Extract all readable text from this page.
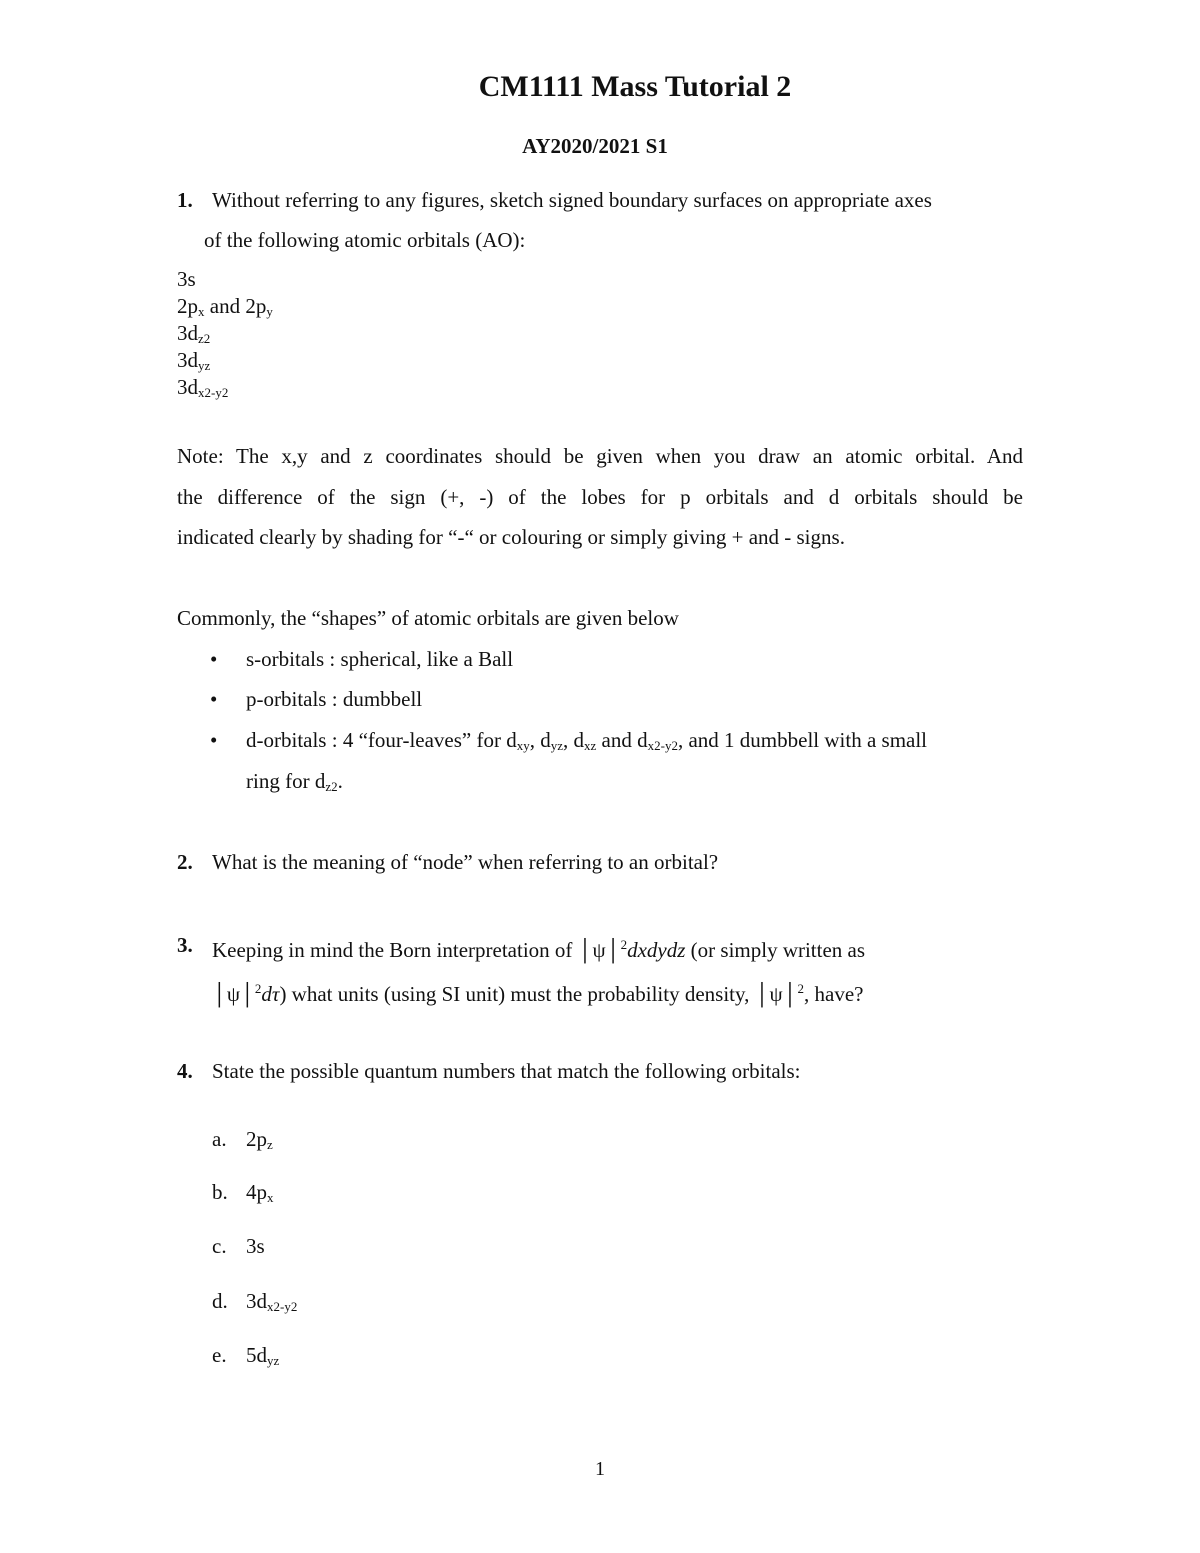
CM1111 Mass Tutorial 2
AY2020/2021 S1
1. Without referring to any figures, sketch signed boundary surfaces on appropriate axes
of the following atomic orbitals (AO):
3s
$2p_x$ and $2p_y$
$3d_{z2}$
$3d_{yz}$
$3d_{x2-y2}$
Note: The x,y and z coordinates should be given when you draw an atomic orbital. And
the difference of the sign (+, -) of the lobes for p orbitals and d orbitals should be
indicated clearly by shading for “-“ or colouring or simply giving + and - signs.
Commonly, the “shapes” of atomic orbitals are given below
• s-orbitals : spherical, like a Ball
• p-orbitals : dumbbell
• d-orbitals : 4 “four-leaves” for $d_{xy}$, $d_{yz}$, $d_{xz}$ and $d_{x2-y2}$, and 1 dumbbell with a small
ring for $d_{z2}$.
2. What is the meaning of “node” when referring to an orbital?
3. Keeping in mind the Born interpretation of │ψ│$^2$dxdydz (or simply written as
│ψ│$^2$dτ) what units (using SI unit) must the probability density, │ψ│$^2$, have?
4. State the possible quantum numbers that match the following orbitals:
a. $2p_z$
b. $4p_x$
c. 3s
d. $3d_{x2-y2}$
e. $5d_{yz}$
1
